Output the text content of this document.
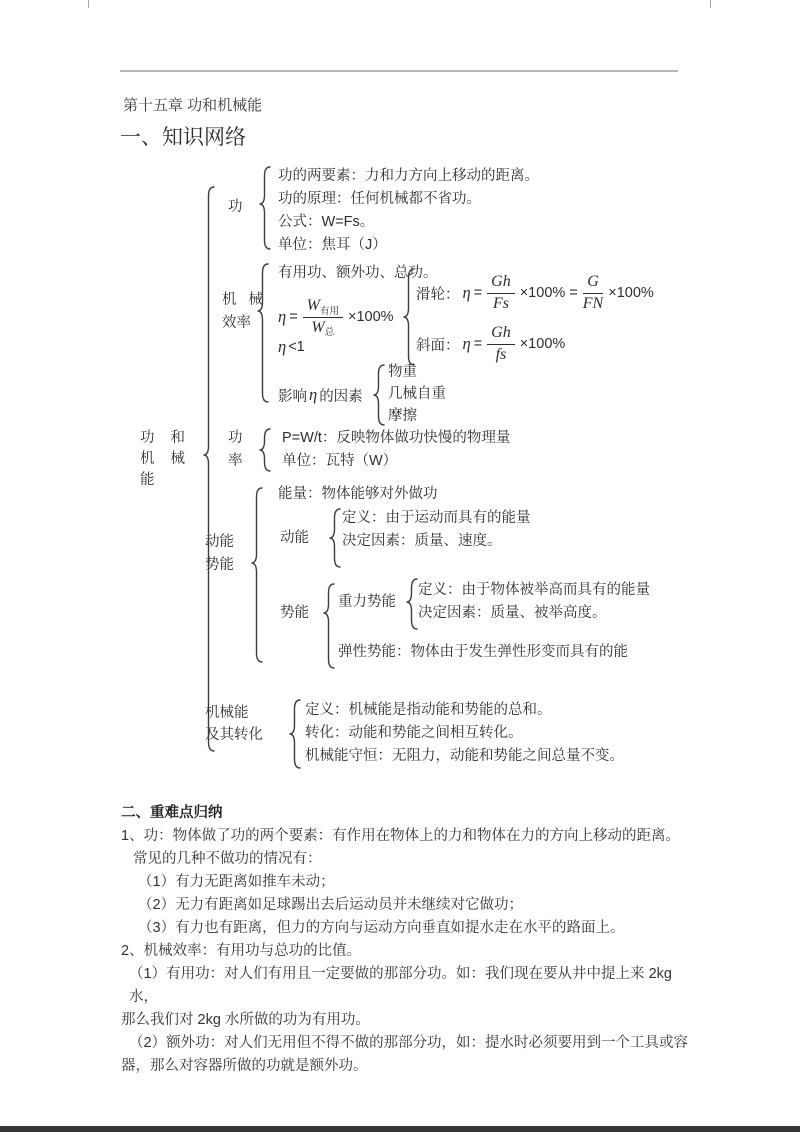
第十五章 功和机械能
一、知识网络
功 和
机 械
能
功
功的两要素：力和力方向上移动的距离。
功的原理：任何机械都不省功。
公式：W=Fs。
单位：焦耳（J）
机 械
效率
有用功、额外功、总功。
$\eta = \frac{\text{W 有用}}{\text{W 总}} \times 100\%$
η <1
影响 η 的因素
物重
几械自重
摩擦
滑轮： $\eta = \frac{Gh}{Fs} \times 100\% = \frac{G}{FN} \times 100\%$
斜面： $\eta = \frac{Gh}{fs} \times 100\%$
功
率
P=W/t：反映物体做功快慢的物理量
单位：瓦特（W）
动能
势能
能量：物体能够对外做功
动能
定义：由于运动而具有的能量
决定因素：质量、速度。
势能
重力势能
定义：由于物体被举高而具有的能量
决定因素：质量、被举高度。
弹性势能：物体由于发生弹性形变而具有的能
机械能
及其转化
定义：机械能是指动能和势能的总和。
转化：动能和势能之间相互转化。
机械能守恒：无阻力，动能和势能之间总量不变。
二、重难点归纳
1、功：物体做了功的两个要素：有作用在物体上的力和物体在力的方向上移动的距离。
常见的几种不做功的情况有：
（1）有力无距离如推车未动；
（2）无力有距离如足球踢出去后运动员并未继续对它做功；
（3）有力也有距离，但力的方向与运动方向垂直如提水走在水平的路面上。
2、机械效率：有用功与总功的比值。
（1）有用功：对人们有用且一定要做的那部分功。如：我们现在要从井中提上来 2kg 水，
那么我们对 2kg 水所做的功为有用功。
（2）额外功：对人们无用但不得不做的那部分功，如：提水时必须要用到一个工具或容
器，那么对容器所做的功就是额外功。
